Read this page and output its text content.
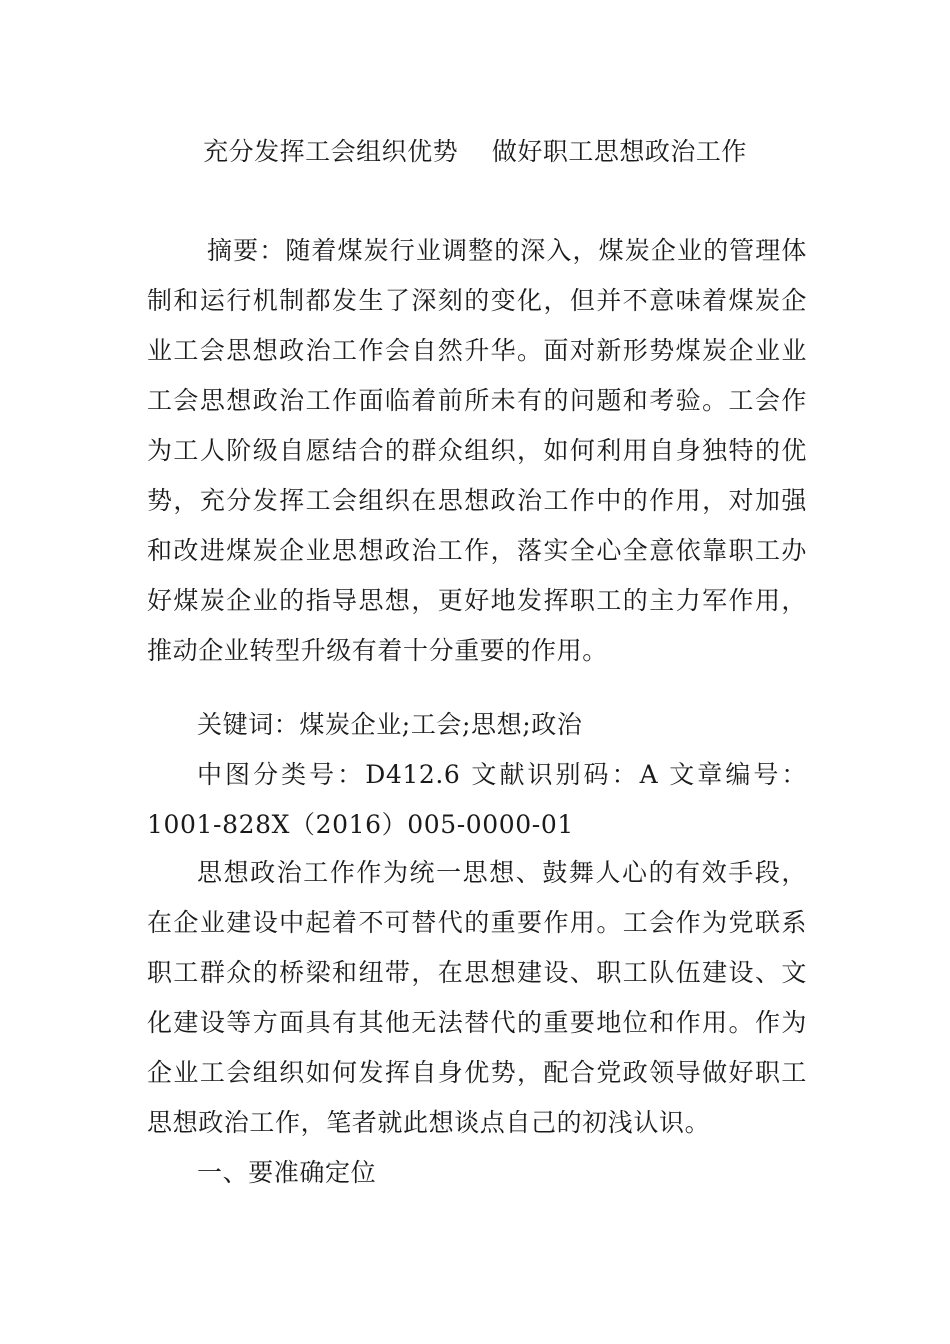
充分发挥工会组织优势    做好职工思想政治工作

摘要：随着煤炭行业调整的深入，煤炭企业的管理体制和运行机制都发生了深刻的变化，但并不意味着煤炭企业工会思想政治工作会自然升华。面对新形势煤炭企业业工会思想政治工作面临着前所未有的问题和考验。工会作为工人阶级自愿结合的群众组织，如何利用自身独特的优势，充分发挥工会组织在思想政治工作中的作用，对加强和改进煤炭企业思想政治工作，落实全心全意依靠职工办好煤炭企业的指导思想，更好地发挥职工的主力军作用，推动企业转型升级有着十分重要的作用。

关键词：煤炭企业;工会;思想;政治

中图分类号：D412.6 文献识别码：A 文章编号：1001-828X（2016）005-0000-01

思想政治工作作为统一思想、鼓舞人心的有效手段，在企业建设中起着不可替代的重要作用。工会作为党联系职工群众的桥梁和纽带，在思想建设、职工队伍建设、文化建设等方面具有其他无法替代的重要地位和作用。作为企业工会组织如何发挥自身优势，配合党政领导做好职工思想政治工作，笔者就此想谈点自己的初浅认识。

一、要准确定位
